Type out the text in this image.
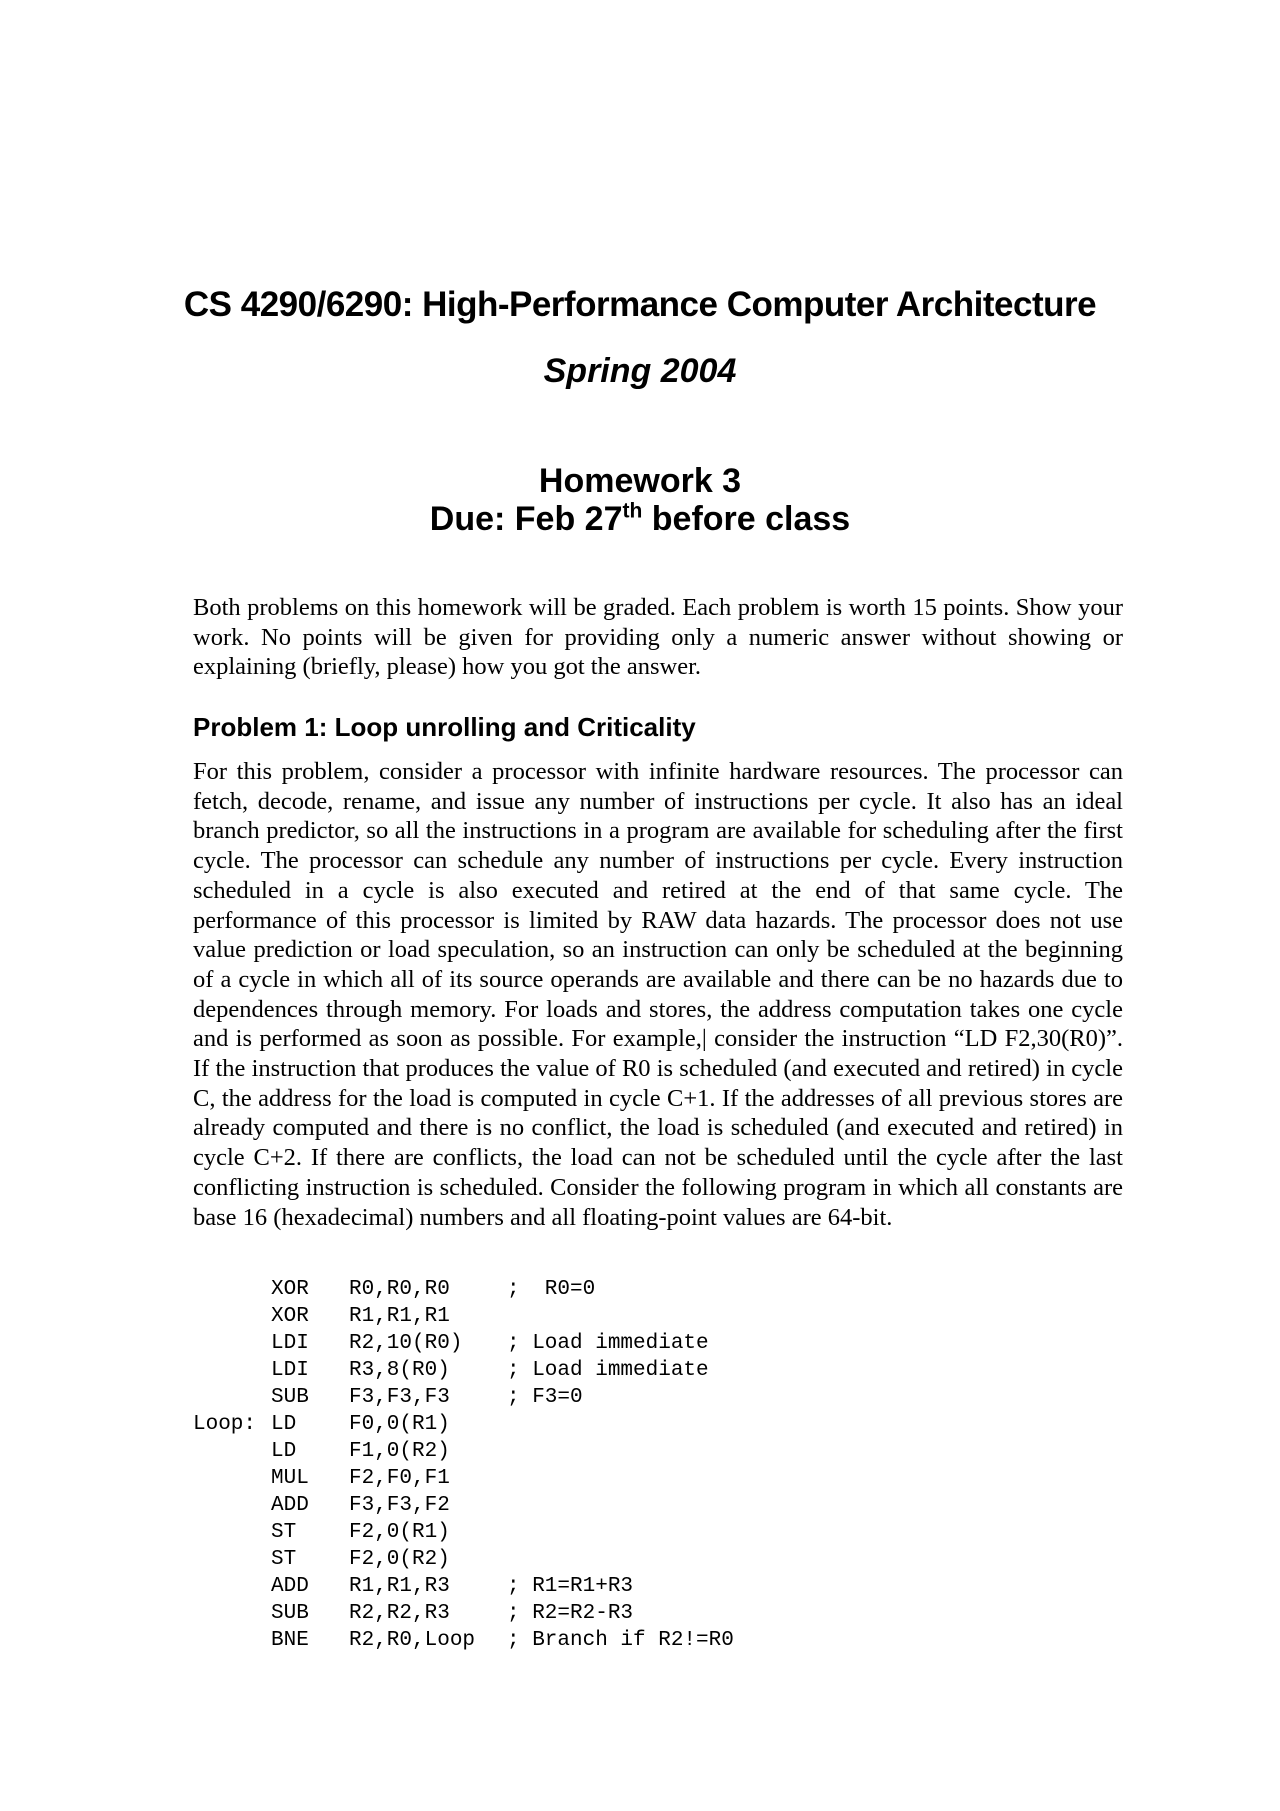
CS 4290/6290: High-Performance Computer Architecture
Spring 2004
Homework 3
Due: Feb 27th before class

Both problems on this homework will be graded. Each problem is worth 15 points. Show your work. No points will be given for providing only a numeric answer without showing or explaining (briefly, please) how you got the answer.

Problem 1: Loop unrolling and Criticality

For this problem, consider a processor with infinite hardware resources. The processor can fetch, decode, rename, and issue any number of instructions per cycle. It also has an ideal branch predictor, so all the instructions in a program are available for scheduling after the first cycle. The processor can schedule any number of instructions per cycle. Every instruction scheduled in a cycle is also executed and retired at the end of that same cycle. The performance of this processor is limited by RAW data hazards. The processor does not use value prediction or load speculation, so an instruction can only be scheduled at the beginning of a cycle in which all of its source operands are available and there can be no hazards due to dependences through memory. For loads and stores, the address computation takes one cycle and is performed as soon as possible. For example,| consider the instruction “LD F2,30(R0)”. If the instruction that produces the value of R0 is scheduled (and executed and retired) in cycle C, the address for the load is computed in cycle C+1. If the addresses of all previous stores are already computed and there is no conflict, the load is scheduled (and executed and retired) in cycle C+2. If there are conflicts, the load can not be scheduled until the cycle after the last conflicting instruction is scheduled. Consider the following program in which all constants are base 16 (hexadecimal) numbers and all floating-point values are 64-bit.

XOR R0,R0,R0	;  R0=0
XOR R1,R1,R1
LDI R2,10(R0) ; Load immediate
LDI R3,8(R0)	; Load immediate
SUB F3,F3,F3	; F3=0
Loop: LD	F0,0(R1)
LD	F1,0(R2)
MUL F2,F0,F1
ADD F3,F3,F2
ST	F2,0(R1)
ST	F2,0(R2)
ADD R1,R1,R3	; R1=R1+R3
SUB R2,R2,R3	; R2=R2-R3
BNE R2,R0,Loop ; Branch if R2!=R0
